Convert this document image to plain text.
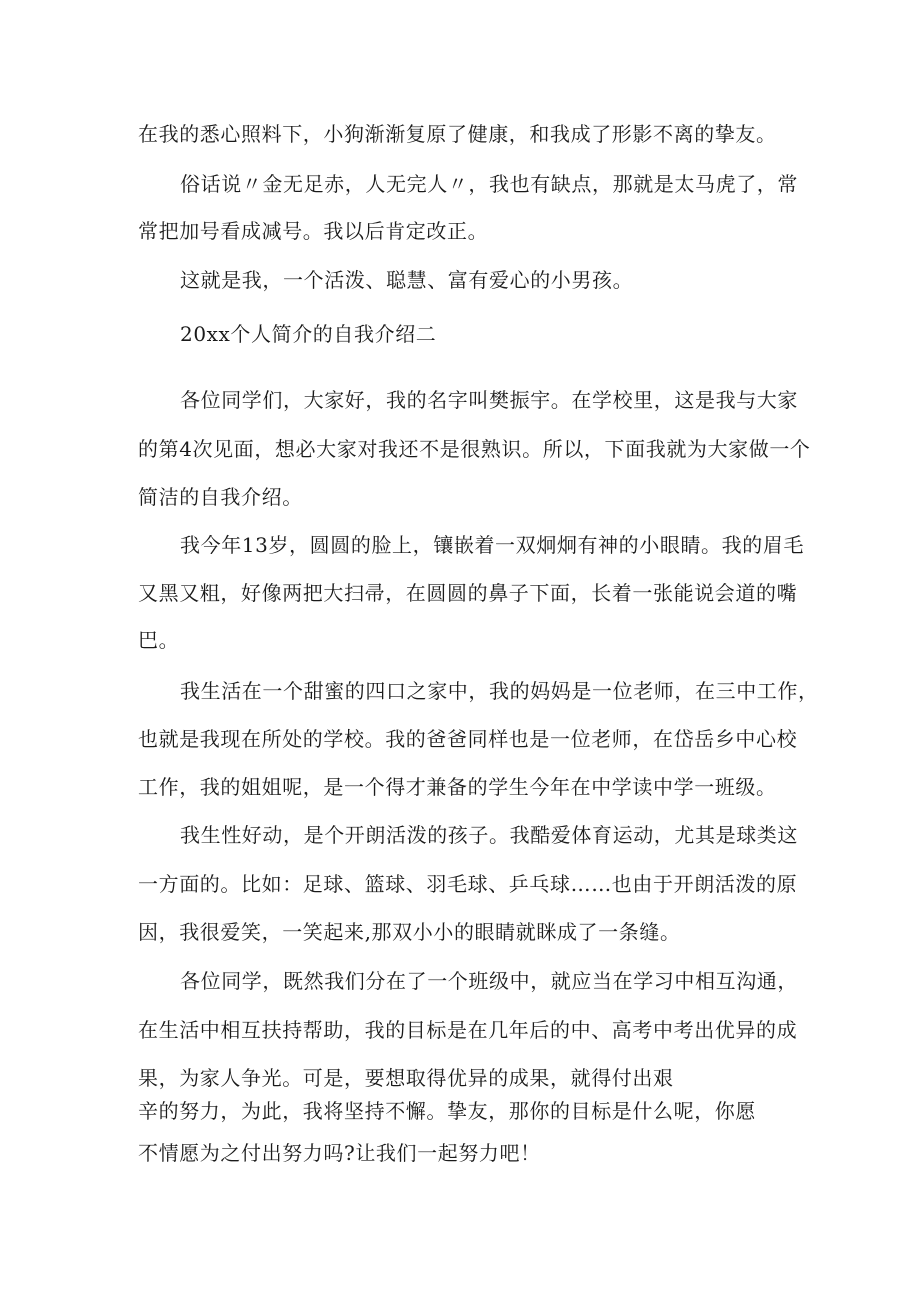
在我的悉心照料下，小狗渐渐复原了健康，和我成了形影不离的挚友。
俗话说〃金无足赤，人无完人〃，我也有缺点，那就是太马虎了，常
常把加号看成减号。我以后肯定改正。
这就是我，一个活泼、聪慧、富有爱心的小男孩。
20xx个人简介的自我介绍二
各位同学们，大家好，我的名字叫樊振宇。在学校里，这是我与大家
的第4次见面，想必大家对我还不是很熟识。所以，下面我就为大家做一个
简洁的自我介绍。
我今年13岁，圆圆的脸上，镶嵌着一双炯炯有神的小眼睛。我的眉毛
又黑又粗，好像两把大扫帚，在圆圆的鼻子下面，长着一张能说会道的嘴
巴。
我生活在一个甜蜜的四口之家中，我的妈妈是一位老师，在三中工作，
也就是我现在所处的学校。我的爸爸同样也是一位老师，在岱岳乡中心校
工作，我的姐姐呢，是一个得才兼备的学生今年在中学读中学一班级。
我生性好动，是个开朗活泼的孩子。我酷爱体育运动，尤其是球类这
一方面的。比如：足球、篮球、羽毛球、乒乓球……也由于开朗活泼的原
因，我很爱笑，一笑起来,那双小小的眼睛就眯成了一条缝。
各位同学，既然我们分在了一个班级中，就应当在学习中相互沟通，
在生活中相互扶持帮助，我的目标是在几年后的中、高考中考出优异的成
果，为家人争光。可是，要想取得优异的成果，就得付出艰
辛的努力，为此，我将坚持不懈。挚友，那你的目标是什么呢，你愿
不情愿为之付出努力吗?让我们一起努力吧！
